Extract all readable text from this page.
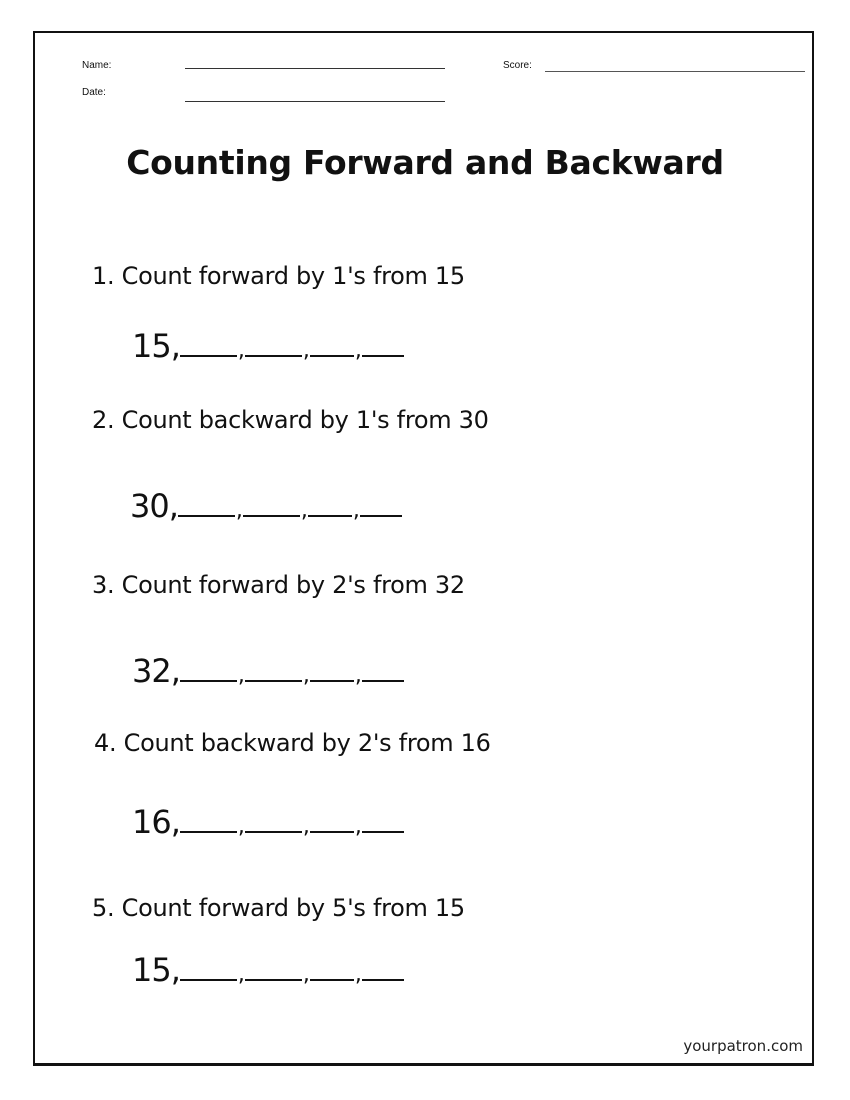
Name:
Date:
Score:
Counting Forward and Backward
1. Count forward by 1's from 15
15,	,	, ,
2. Count backward by 1's from 30
30,	,	, ,
3. Count forward by 2's from 32
32,	,	, ,
4. Count backward by 2's from 16
16,	,	, ,
5. Count forward by 5's from 15
15,	,	, ,
yourpatron.com
